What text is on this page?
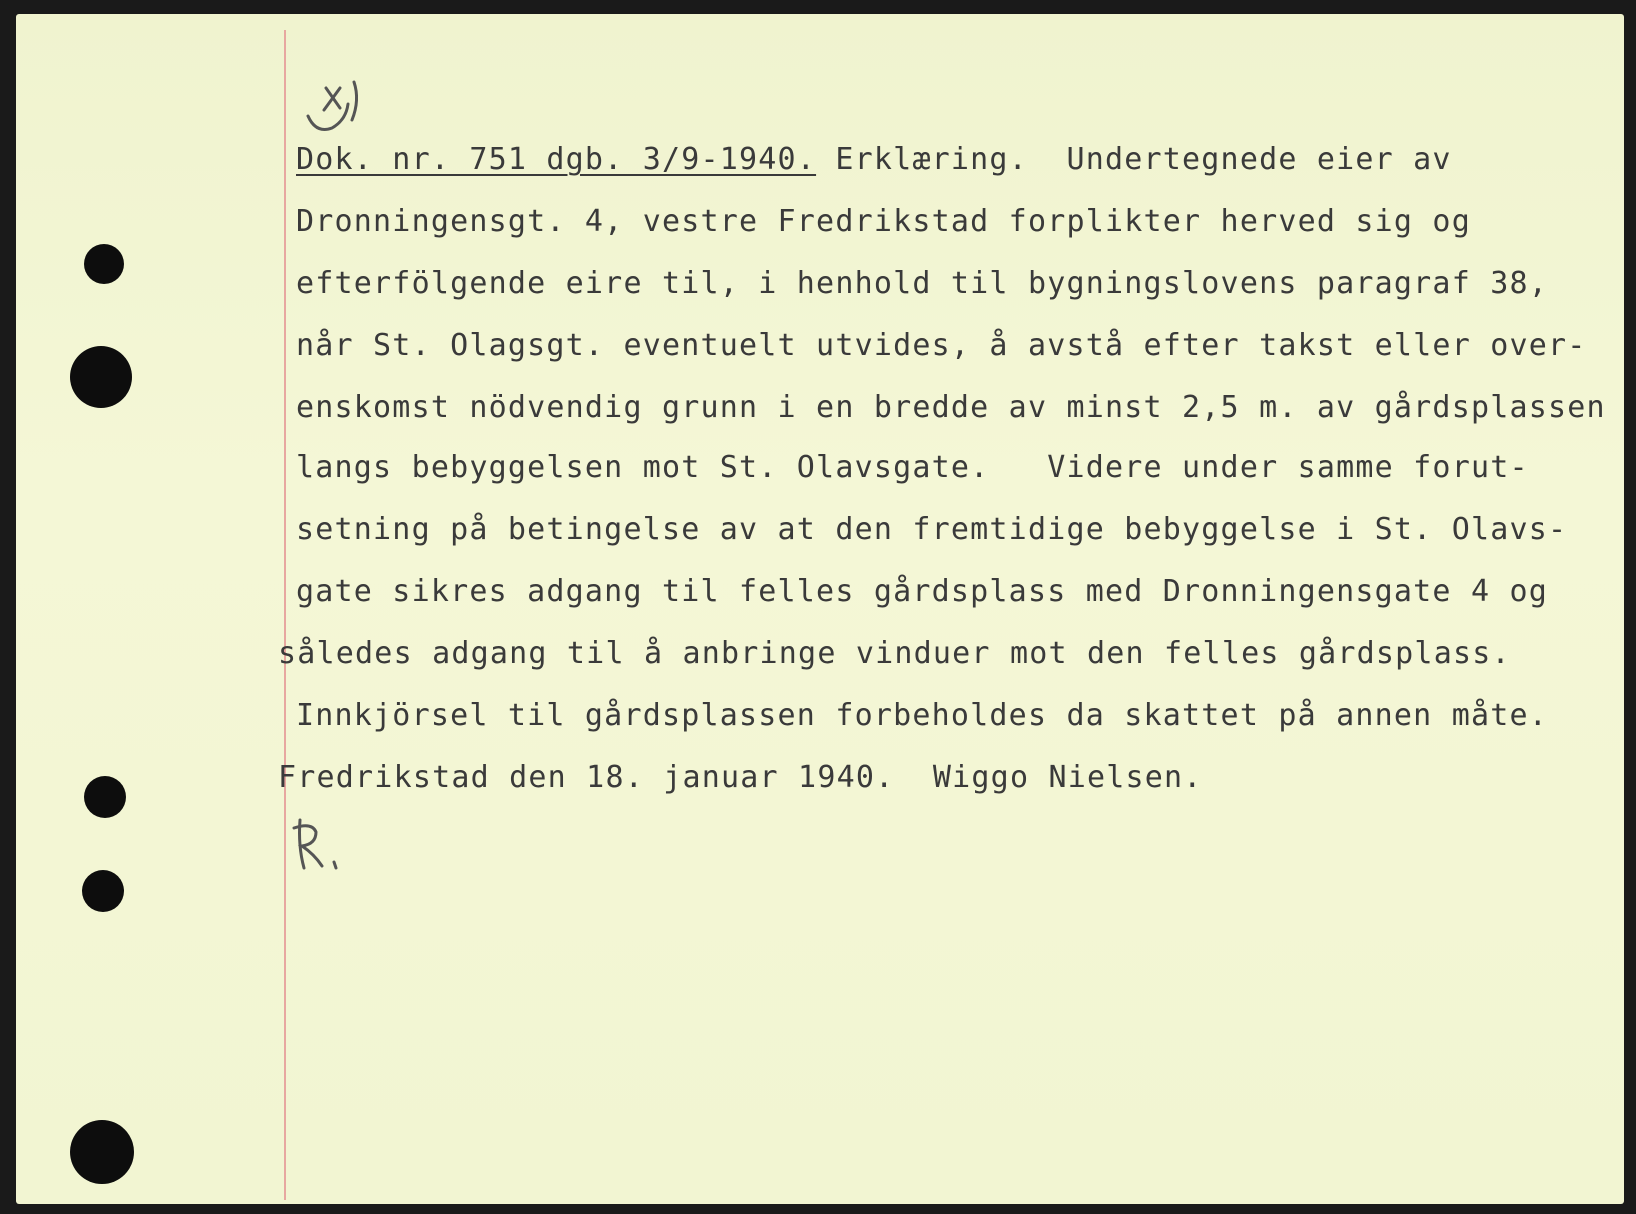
Dok. nr. 751 dgb. 3/9-1940. Erklæring.  Undertegnede eier av
Dronningensgt. 4, vestre Fredrikstad forplikter herved sig og
efterfölgende eire til, i henhold til bygningslovens paragraf 38,
når St. Olagsgt. eventuelt utvides, å avstå efter takst eller over-
enskomst nödvendig grunn i en bredde av minst 2,5 m. av gårdsplassen
langs bebyggelsen mot St. Olavsgate.   Videre under samme forut-
setning på betingelse av at den fremtidige bebyggelse i St. Olavs-
gate sikres adgang til felles gårdsplass med Dronningensgate 4 og
således adgang til å anbringe vinduer mot den felles gårdsplass.
Innkjörsel til gårdsplassen forbeholdes da skattet på annen måte.
Fredrikstad den 18. januar 1940.  Wiggo Nielsen.
